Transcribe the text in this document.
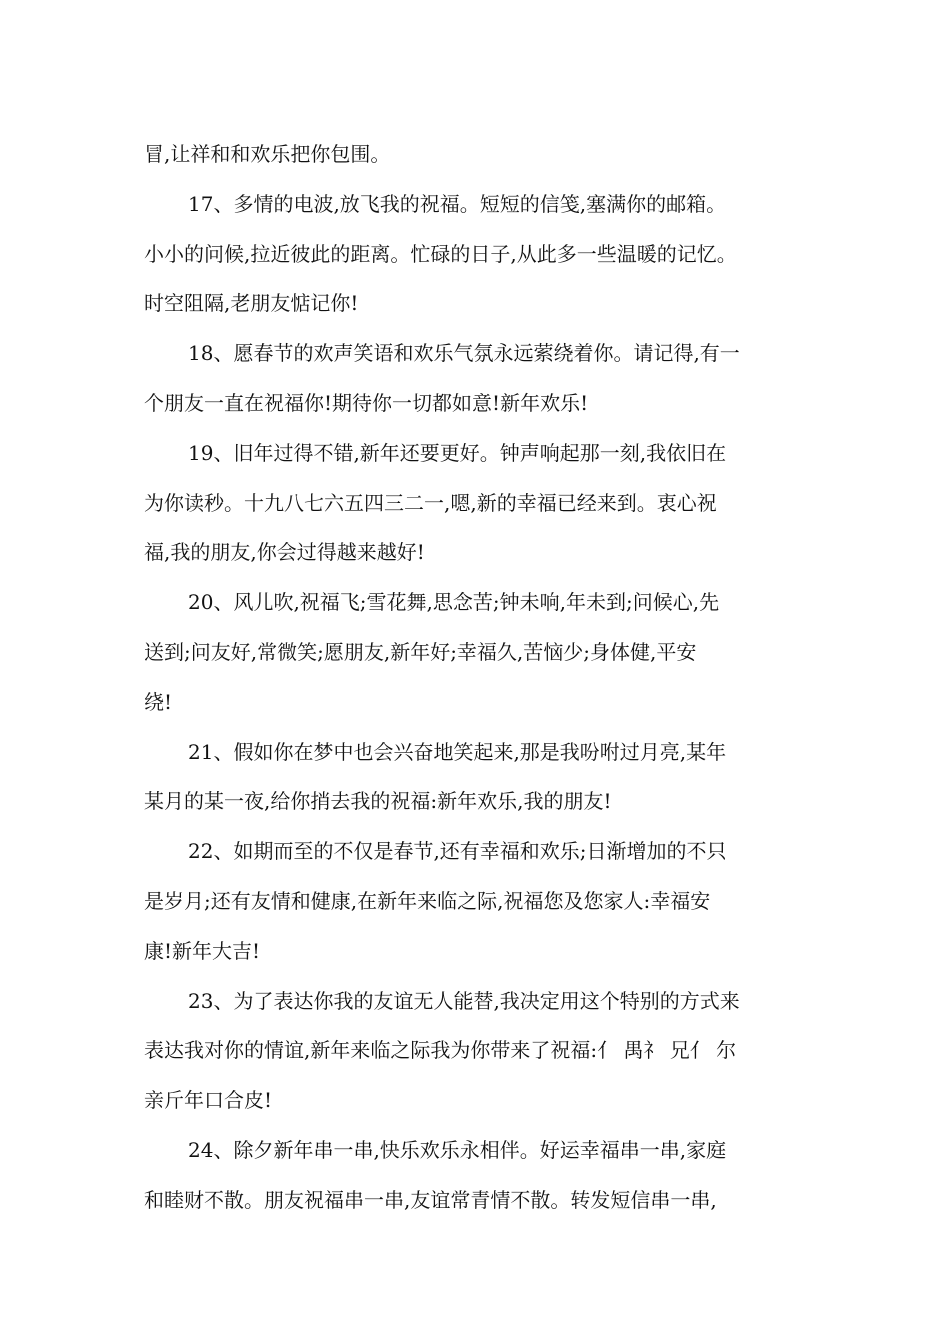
冒,让祥和和欢乐把你包围。
17、多情的电波,放飞我的祝福。短短的信笺,塞满你的邮箱。
小小的问候,拉近彼此的距离。忙碌的日子,从此多一些温暖的记忆。
时空阻隔,老朋友惦记你!
18、愿春节的欢声笑语和欢乐气氛永远萦绕着你。请记得,有一
个朋友一直在祝福你!期待你一切都如意!新年欢乐!
19、旧年过得不错,新年还要更好。钟声响起那一刻,我依旧在
为你读秒。十九八七六五四三二一,嗯,新的幸福已经来到。衷心祝
福,我的朋友,你会过得越来越好!
20、风儿吹,祝福飞;雪花舞,思念苦;钟未响,年未到;问候心,先
送到;问友好,常微笑;愿朋友,新年好;幸福久,苦恼少;身体健,平安
绕!
21、假如你在梦中也会兴奋地笑起来,那是我吩咐过月亮,某年
某月的某一夜,给你捎去我的祝福:新年欢乐,我的朋友!
22、如期而至的不仅是春节,还有幸福和欢乐;日渐增加的不只
是岁月;还有友情和健康,在新年来临之际,祝福您及您家人:幸福安
康!新年大吉!
23、为了表达你我的友谊无人能替,我决定用这个特别的方式来
表达我对你的情谊,新年来临之际我为你带来了祝福:亻 禺礻 兄亻 尔
亲斤年口合皮!
24、除夕新年串一串,快乐欢乐永相伴。好运幸福串一串,家庭
和睦财不散。朋友祝福串一串,友谊常青情不散。转发短信串一串,
